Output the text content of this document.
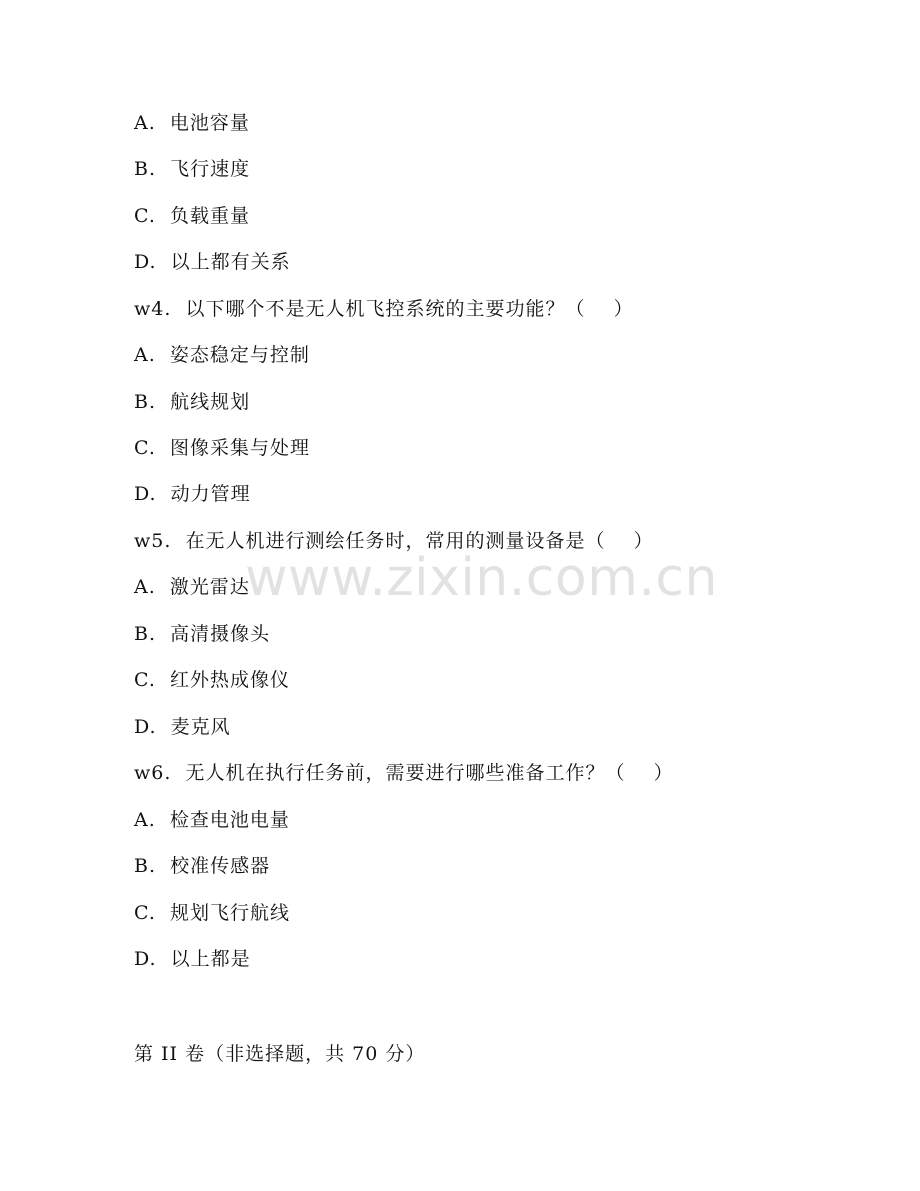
A.  电池容量
B.  飞行速度
C.  负载重量
D.  以上都有关系
w4.  以下哪个不是无人机飞控系统的主要功能？（    ）
A.  姿态稳定与控制
B.  航线规划
C.  图像采集与处理
D.  动力管理
w5.  在无人机进行测绘任务时，常用的测量设备是（    ）
A.  激光雷达
B.  高清摄像头
C.  红外热成像仪
D.  麦克风
w6.  无人机在执行任务前，需要进行哪些准备工作？（    ）
A.  检查电池电量
B.  校准传感器
C.  规划飞行航线
D.  以上都是
www.zixin.com.cn
第 II 卷（非选择题，共 70 分）
